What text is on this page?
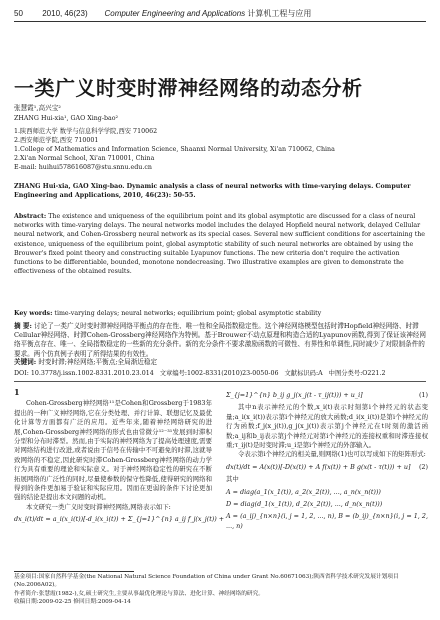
50 2010, 46(23) Computer Engineering and Applications 计算机工程与应用
一类广义时变时滞神经网络的动态分析
张慧霞¹,高兴宝²
ZHANG Hui-xia¹, GAO Xing-bao²
1.陕西师范大学 数学与信息科学学院,西安 710062
2.西安师范学院,西安 710001
1.College of Mathematics and Information Science, Shaanxi Normal University, Xi'an 710062, China
2.Xi'an Normal School, Xi'an 710001, China
E-mail: huihui578616087@stu.snnu.edu.cn
ZHANG Hui-xia, GAO Xing-bao. Dynamic analysis a class of neural networks with time-varying delays. Computer Engineering and Applications, 2010, 46(23): 50-55.
Abstract: The existence and uniqueness of the equilibrium point and its global asymptotic are discussed for a class of neural networks with time-varying delays. The neural networks model includes the delayed Hopfield neural network, delayed Cellular neural network, and Cohen-Grossberg neural network as its special cases. Several new sufficient conditions for ascertaining the existence, uniqueness of the equilibrium point, global asymptotic stability of such neural networks are obtained by using the Brouwer's fixed point theory and constructing suitable Lyapunov functions. The new criteria don't require the activation functions to be differentiable, bounded, monotone nondecreasing. Two illustrative examples are given to demonstrate the effectiveness of the obtained results.
Key words: time-varying delays; neural networks; equilibrium point; global asymptotic stability
摘 要: 讨论了一类广义时变时滞神经网络平衡点的存在性、唯一性和全局指数稳定性。这个神经网络模型包括时滞Hopfield神经网络、时滞Cellular神经网络、时滞Cohen-Grossberg神经网络作为特例。基于Brouwer不动点原理和构造合适的Lyapunov函数,得到了保证该神经网络平衡点存在、唯一、全局指数稳定的一些新的充分条件。新的充分条件不要求激励函数的可微性、有界性和单调性,同时减少了对限制条件的要求。两个仿真例子表明了所得结果的有效性。
关键词: 时变时滞;神经网络;平衡点;全局渐近稳定
DOI: 10.3778/j.issn.1002-8331.2010.23.014 文章编号:1002-8331(2010)23-0050-06 文献标识码:A 中图分类号:O221.2
1

Cohen-Grossberg神经网络¹¹是Cohen和Grossberg于1983年提出的一种广义神经网络,它在分类处理、并行计算、联想记忆及最优化计算等方面都有广泛的应用。近些年来,随着神经网络研究的进展,Cohen-Grossberg神经网络的形式也由常微分¹²⁻³¹发展到时滞积分型和分布时滞型。然而,由于实际的神经网络为了提高处理速度,需要对网络结构进行改进,或者说由于信号在传输中不可避免的时滞,这就导致网络的不稳定,因此研究时滞Cohen-Grossberg神经网络的动力学行为具有重要的理论和实际意义。对于神经网络稳定性的研究在不断拓展网络的广泛性的同时,尽量使参数的保守性降低,使得研究的网络和得到的条件更加易于验证和实际应用。因而在更弱的条件下讨论更加强的结论是提出本文问题的动机。

本文研究一类广义时变时滞神经网络,网络表示如下:

dx_i(t)/dt = a_i(x_i(t))[-d_i(x_i(t)) + Σ_{j=1}^{n} a_ij f_j(x_j(t)) +
Σ_{j=1}^{n} b_ij g_j(x_j(t - τ_ij(t))) + u_i]	(1)

其中n表示神经元的个数,x_i(t)表示时刻第i个神经元的状态变量;a_i(x_i(t))表示第i个神经元的放大函数;d_i(x_i(t))是第i个神经元的行为函数;f_j(x_j(t)),g_j(x_j(t))表示第j个神经元在t时刻的激活函数;a_ij和b_ij表示第j个神经元对第i个神经元的连接权重和时滞连接权重;τ_ij(t)是时变时滞;u_i是第i个神经元的外部输入。

令表示第i个神经元的相关量,则网络(1)也可以写成如下的矩阵形式:

dx(t)/dt = A(x(t))[-D(x(t)) + A f(x(t)) + B g(x(t - τ(t))) + u] (2)
其中
A = diag(a_1(x_1(t)), a_2(x_2(t)), ..., a_n(x_n(t)))
D = diag(d_1(x_1(t)), d_2(x_2(t)), ..., d_n(x_n(t)))
A = (a_ij)_{n×n}(i, j = 1, 2, ..., n), B = (b_ij)_{n×n}(i, j = 1, 2, ..., n)
基金项目:国家自然科学基金(the National Natural Science Foundation of China under Grant No.60671063);陕西省科学技术研究发展计划项目(No.2006A02)。
作者简介:张慧霞(1982-),女,硕士研究生,主要从事最优化理论与算法、进化计算、神经网络的研究。
收稿日期:2009-02-25 修回日期:2009-04-14
